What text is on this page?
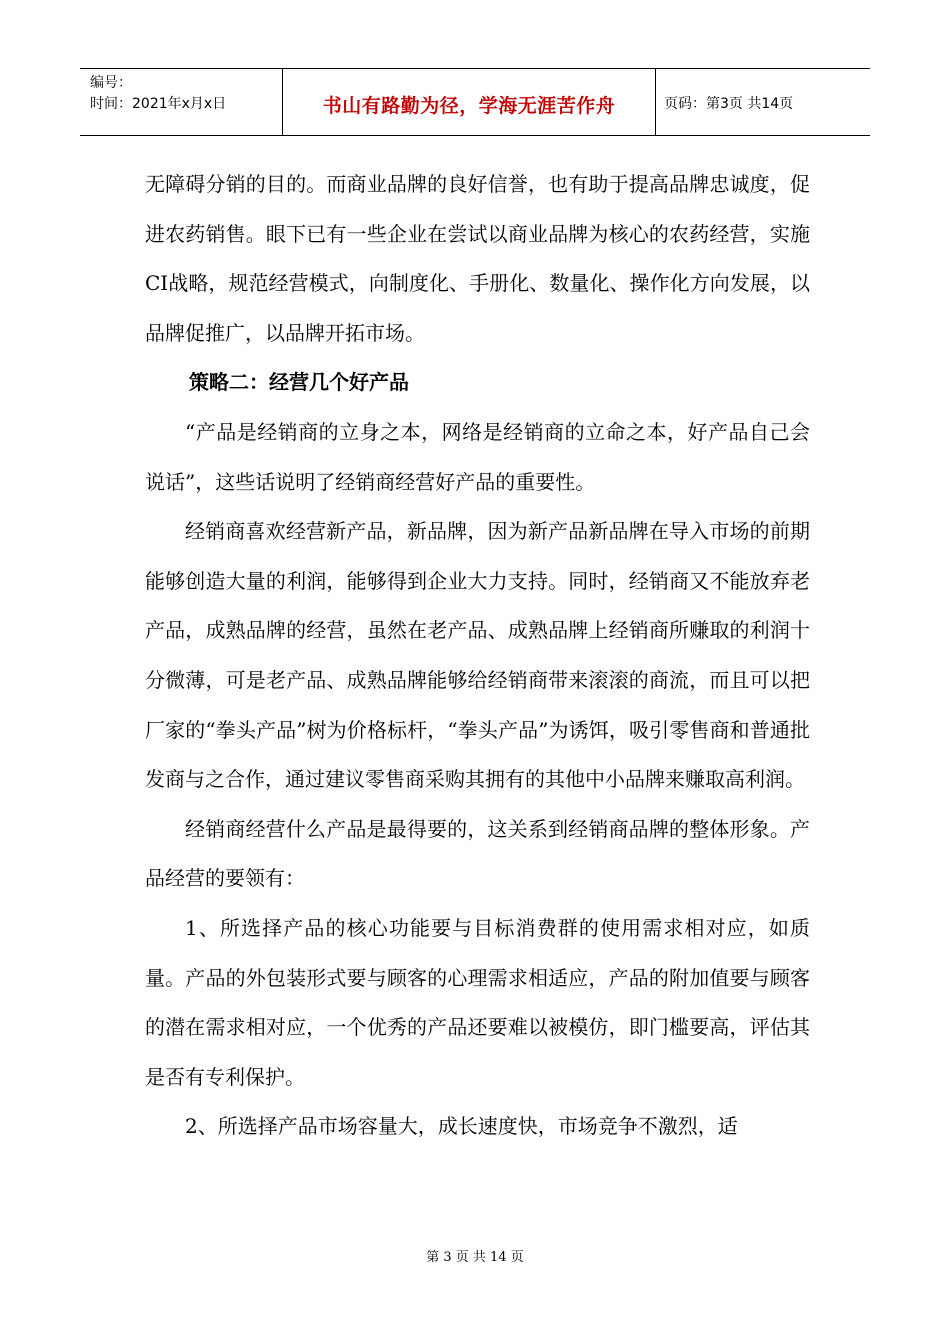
编号：
时间：2021年x月x日	书山有路勤为径，学海无涯苦作舟	页码：第3页 共14页

无障碍分销的目的。而商业品牌的良好信誉，也有助于提高品牌忠诚度，促进农药销售。眼下已有一些企业在尝试以商业品牌为核心的农药经营，实施CI战略，规范经营模式，向制度化、手册化、数量化、操作化方向发展，以品牌促推广，以品牌开拓市场。

策略二：经营几个好产品

“产品是经销商的立身之本，网络是经销商的立命之本，好产品自己会说话”，这些话说明了经销商经营好产品的重要性。

经销商喜欢经营新产品，新品牌，因为新产品新品牌在导入市场的前期能够创造大量的利润，能够得到企业大力支持。同时，经销商又不能放弃老产品，成熟品牌的经营，虽然在老产品、成熟品牌上经销商所赚取的利润十分微薄，可是老产品、成熟品牌能够给经销商带来滚滚的商流，而且可以把厂家的“拳头产品”树为价格标杆，“拳头产品”为诱饵，吸引零售商和普通批发商与之合作，通过建议零售商采购其拥有的其他中小品牌来赚取高利润。

经销商经营什么产品是最得要的，这关系到经销商品牌的整体形象。产品经营的要领有：

1、所选择产品的核心功能要与目标消费群的使用需求相对应，如质量。产品的外包装形式要与顾客的心理需求相适应，产品的附加值要与顾客的潜在需求相对应，一个优秀的产品还要难以被模仿，即门槛要高，评估其是否有专利保护。

2、所选择产品市场容量大，成长速度快，市场竞争不激烈，适

第 3 页 共 14 页
